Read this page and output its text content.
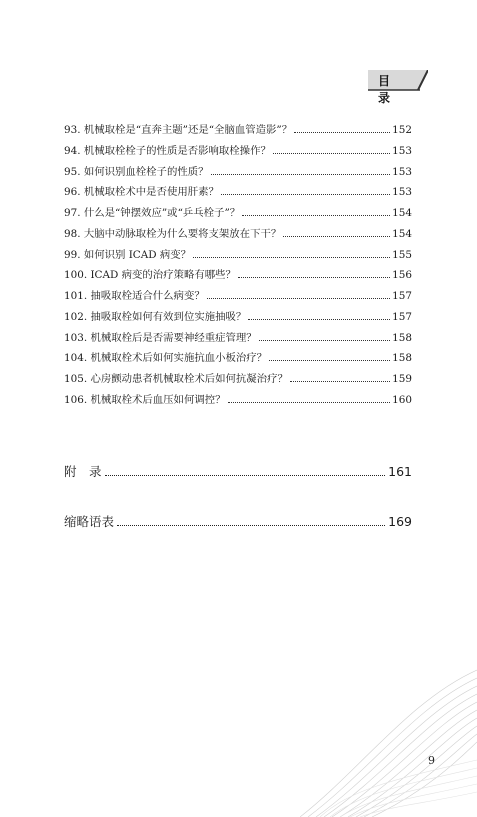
目 录
93. 机械取栓是“直奔主题”还是“全脑血管造影”？	152
94. 机械取栓栓子的性质是否影响取栓操作？	153
95. 如何识别血栓栓子的性质？	153
96. 机械取栓术中是否使用肝素？	153
97. 什么是“钟摆效应”或“乒乓栓子”？	154
98. 大脑中动脉取栓为什么要将支架放在下干？	154
99. 如何识别 ICAD 病变？	155
100. ICAD 病变的治疗策略有哪些？	156
101. 抽吸取栓适合什么病变？	157
102. 抽吸取栓如何有效到位实施抽吸？	157
103. 机械取栓后是否需要神经重症管理？	158
104. 机械取栓术后如何实施抗血小板治疗？	158
105. 心房颤动患者机械取栓术后如何抗凝治疗？	159
106. 机械取栓术后血压如何调控？	160
附　录	161
缩略语表	169
9
